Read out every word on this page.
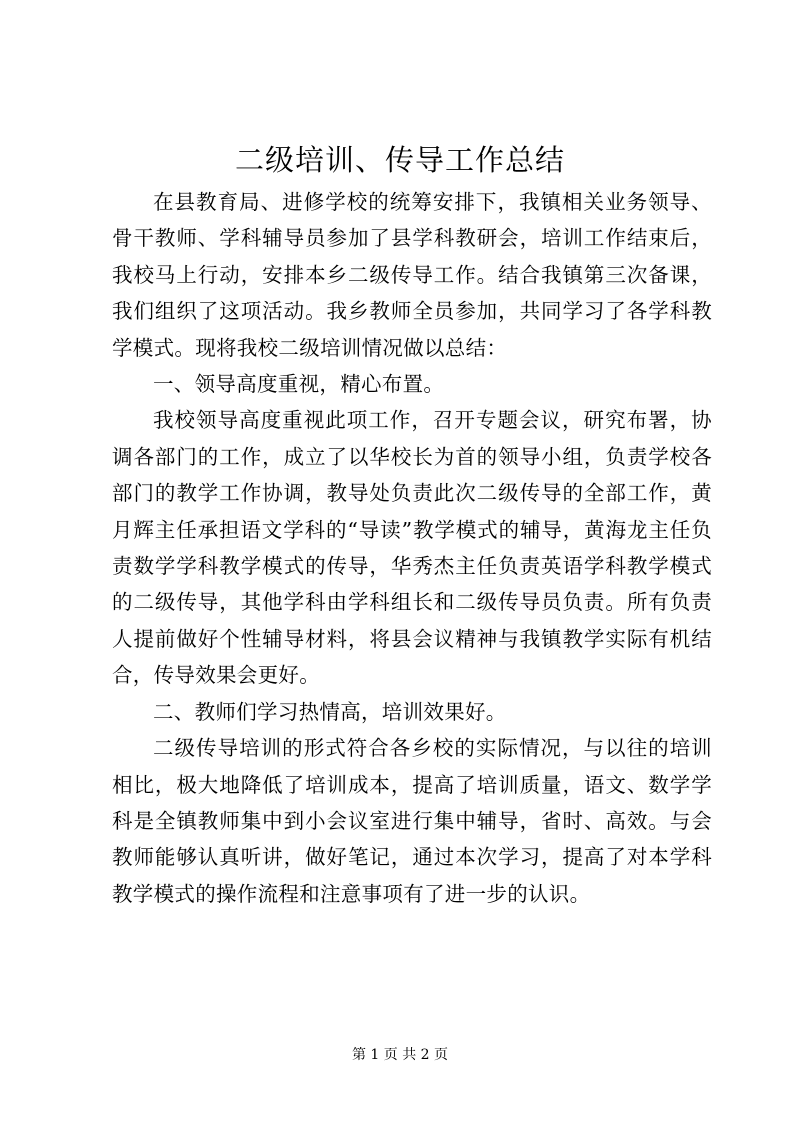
二级培训、传导工作总结

在县教育局、进修学校的统筹安排下，我镇相关业务领导、骨干教师、学科辅导员参加了县学科教研会，培训工作结束后，我校马上行动，安排本乡二级传导工作。结合我镇第三次备课，我们组织了这项活动。我乡教师全员参加，共同学习了各学科教学模式。现将我校二级培训情况做以总结：

一、领导高度重视，精心布置。

我校领导高度重视此项工作，召开专题会议，研究布署，协调各部门的工作，成立了以华校长为首的领导小组，负责学校各部门的教学工作协调，教导处负责此次二级传导的全部工作，黄月辉主任承担语文学科的“导读”教学模式的辅导，黄海龙主任负责数学学科教学模式的传导，华秀杰主任负责英语学科教学模式的二级传导，其他学科由学科组长和二级传导员负责。所有负责人提前做好个性辅导材料，将县会议精神与我镇教学实际有机结合，传导效果会更好。

二、教师们学习热情高，培训效果好。

二级传导培训的形式符合各乡校的实际情况，与以往的培训相比，极大地降低了培训成本，提高了培训质量，语文、数学学科是全镇教师集中到小会议室进行集中辅导，省时、高效。与会教师能够认真听讲，做好笔记，通过本次学习，提高了对本学科教学模式的操作流程和注意事项有了进一步的认识。

第 1 页 共 2 页
